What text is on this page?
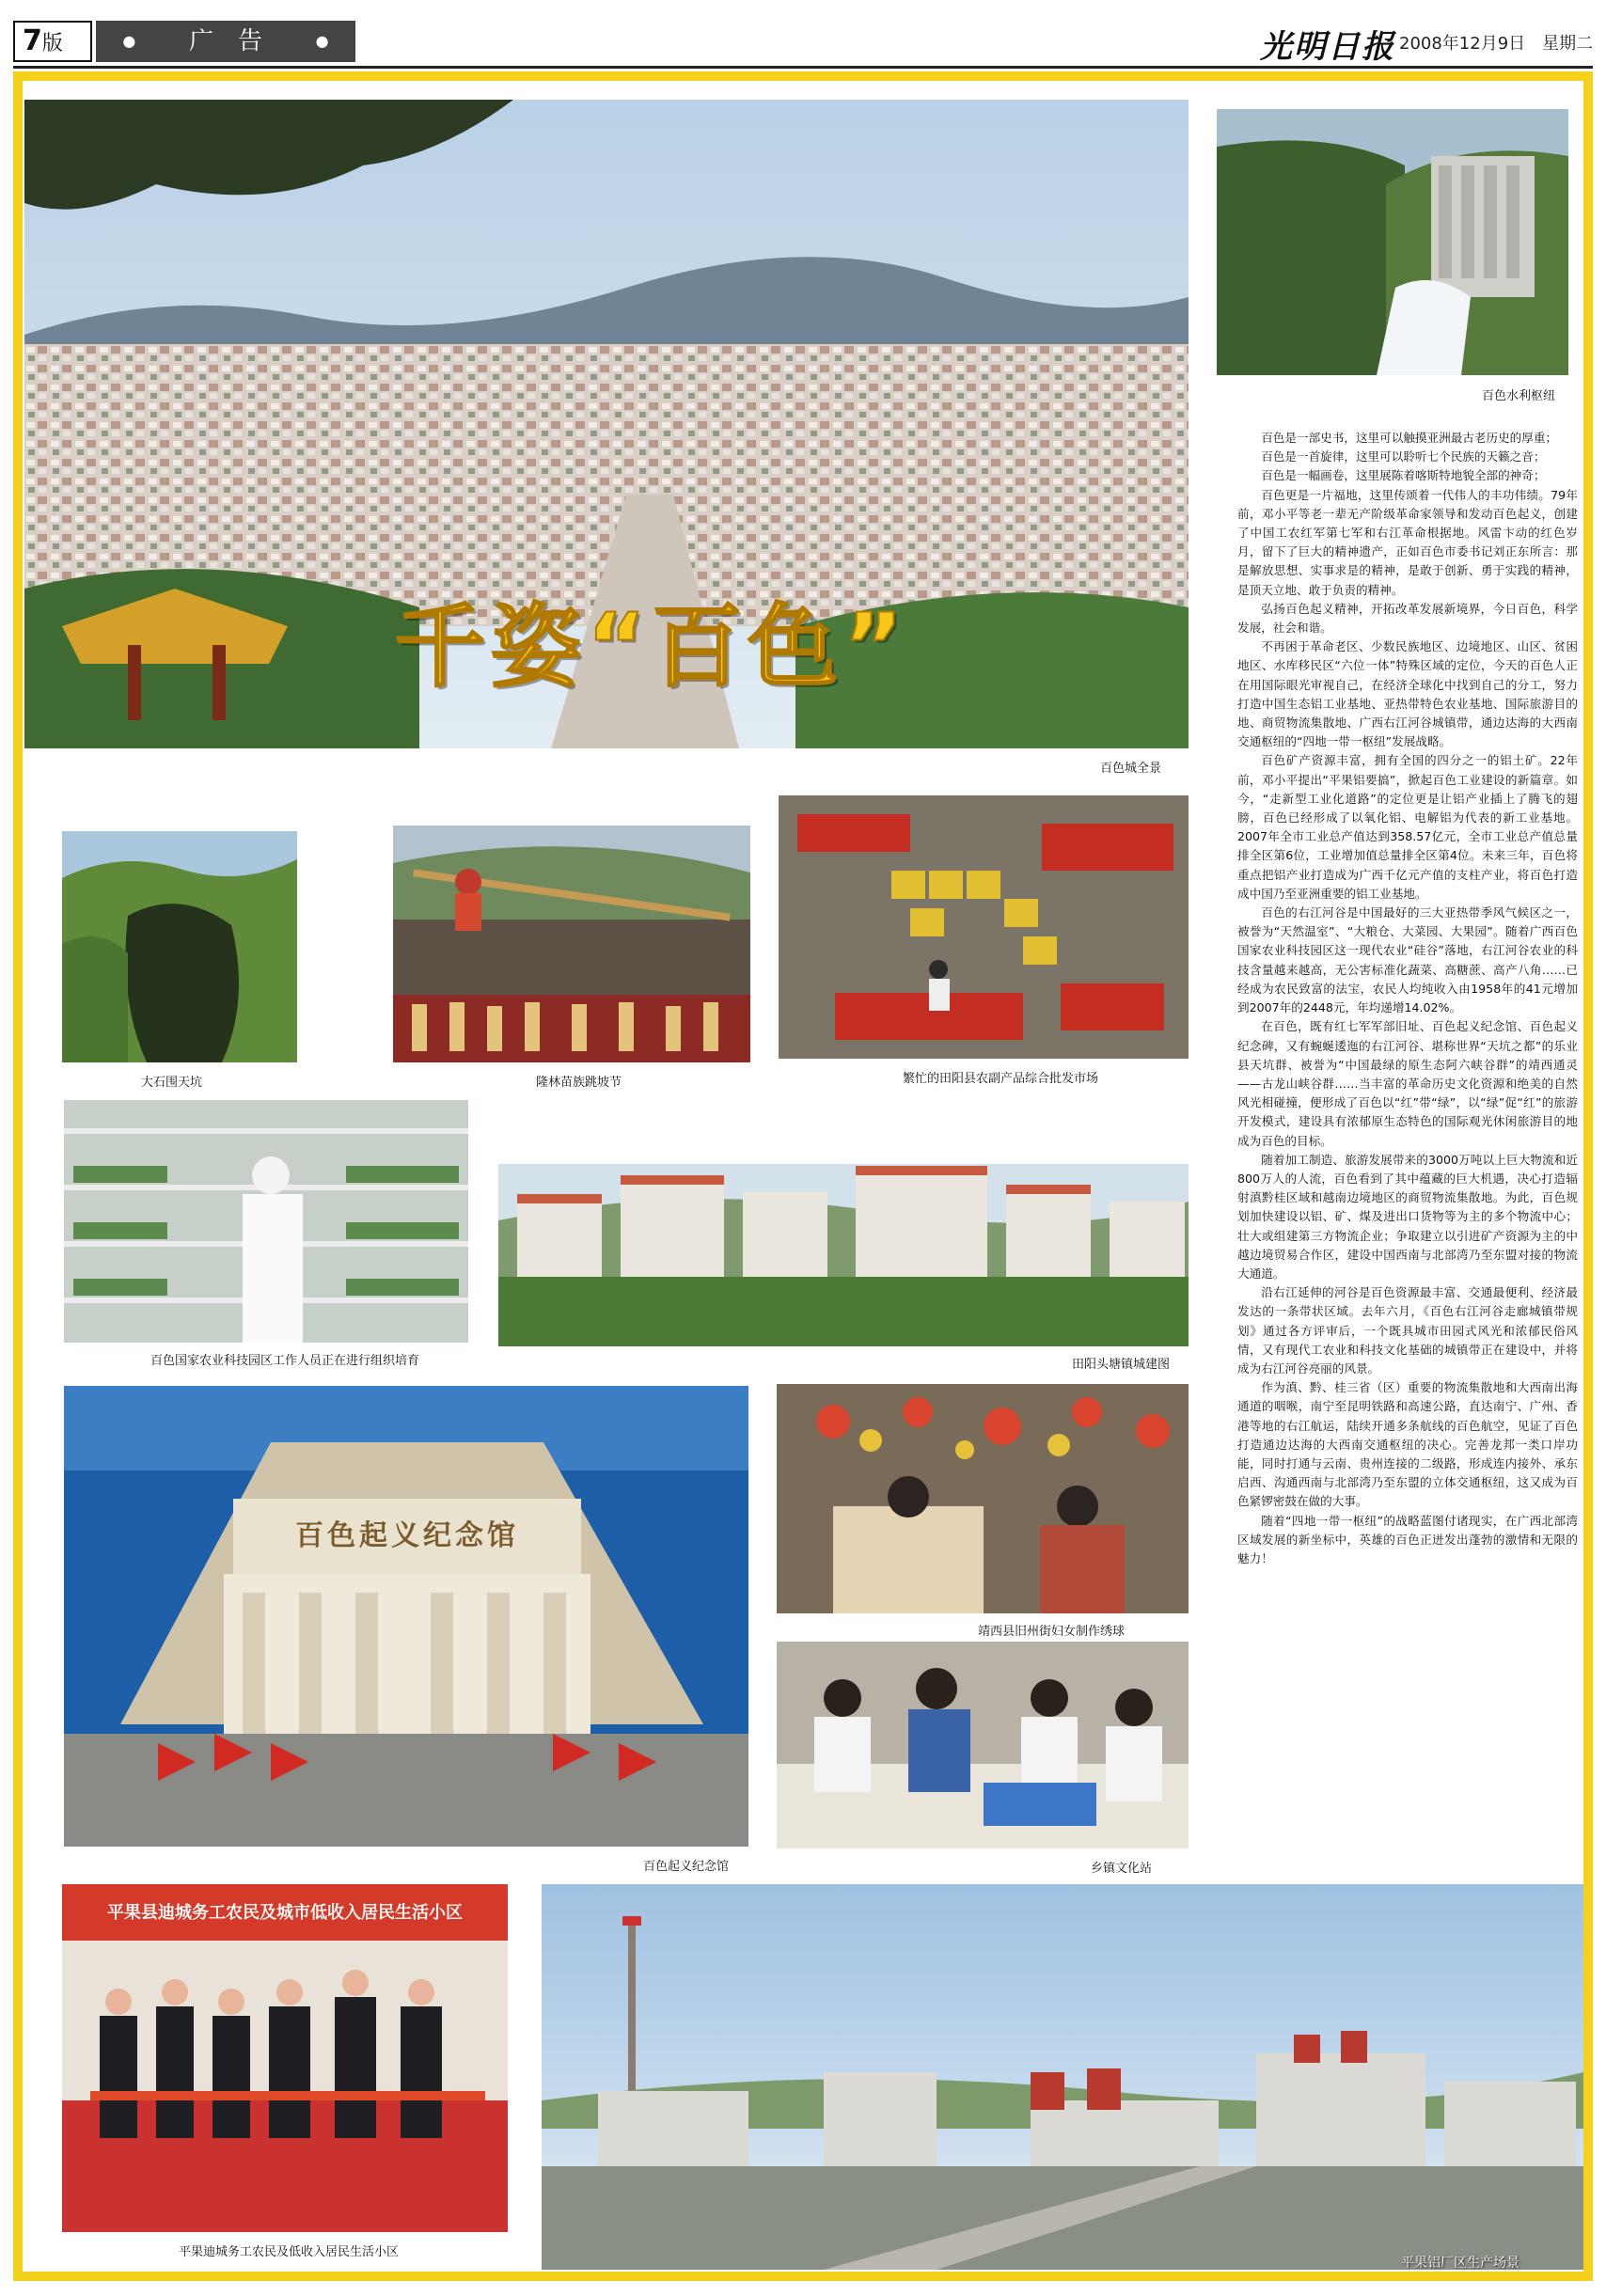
7版	● 广　告	●	光明日报 2008年12月9日　星期二
千姿“百色”
百色城全景
百色水利枢纽

百色是一部史书，这里可以触摸亚洲最古老历史的厚重；

百色是一首旋律，这里可以聆听七个民族的天籁之音；

百色是一幅画卷，这里展陈着喀斯特地貌全部的神奇；

百色更是一片福地，这里传颂着一代伟人的丰功伟绩。79年前，邓小平等老一辈无产阶级革命家领导和发动百色起义，创建了中国工农红军第七军和右江革命根据地。风雷卞动的红色岁月，留下了巨大的精神遗产，正如百色市委书记刘正东所言：那是解放思想、实事求是的精神，是敢于创新、勇于实践的精神，是顶天立地、敢于负责的精神。

弘扬百色起义精神，开拓改革发展新境界，今日百色，科学发展，社会和谐。

不再困于革命老区、少数民族地区、边境地区、山区、贫困地区、水库移民区“六位一体”特殊区域的定位，今天的百色人正在用国际眼光审视自己，在经济全球化中找到自己的分工，努力打造中国生态铝工业基地、亚热带特色农业基地、国际旅游目的地、商贸物流集散地、广西右江河谷城镇带，通边达海的大西南交通枢纽的“四地一带一枢纽”发展战略。

百色矿产资源丰富，拥有全国的四分之一的铝土矿。22年前，邓小平提出“平果铝要搞”，掀起百色工业建设的新篇章。如今，“走新型工业化道路”的定位更是让铝产业插上了腾飞的翅膀，百色已经形成了以氧化铝、电解铝为代表的新工业基地。2007年全市工业总产值达到358.57亿元，全市工业总产值总量排全区第6位，工业增加值总量排全区第4位。未来三年，百色将重点把铝产业打造成为广西千亿元产值的支柱产业，将百色打造成中国乃至亚洲重要的铝工业基地。

百色的右江河谷是中国最好的三大亚热带季风气候区之一，被誉为“天然温室”、“大粮仓、大菜园、大果园”。随着广西百色国家农业科技园区这一现代农业“硅谷”落地，右江河谷农业的科技含量越来越高，无公害标准化蔬菜、高糖蔗、高产八角……已经成为农民致富的法宝，农民人均纯收入由1958年的41元增加到2007年的2448元，年均递增14.02%。

在百色，既有红七军军部旧址、百色起义纪念馆、百色起义纪念碑，又有蜿蜒逶迤的右江河谷、堪称世界“天坑之都”的乐业县天坑群、被誉为“中国最绿的原生态阿六峡谷群”的靖西通灵——古龙山峡谷群……当丰富的革命历史文化资源和绝美的自然风光相碰撞，便形成了百色以“红”带“绿”，以“绿”促“红”的旅游开发模式，建设具有浓郁原生态特色的国际观光休闲旅游目的地成为百色的目标。

随着加工制造、旅游发展带来的3000万吨以上巨大物流和近800万人的人流，百色看到了其中蕴藏的巨大机遇，决心打造辐射滇黔桂区域和越南边境地区的商贸物流集散地。为此，百色规划加快建设以铝、矿、煤及进出口货物等为主的多个物流中心；壮大或组建第三方物流企业；争取建立以引进矿产资源为主的中越边境贸易合作区，建设中国西南与北部湾乃至东盟对接的物流大通道。

沿右江延伸的河谷是百色资源最丰富、交通最便利、经济最发达的一条带状区域。去年六月，《百色右江河谷走廊城镇带规划》通过各方评审后，一个既具城市田园式风光和浓郁民俗风情，又有现代工农业和科技文化基础的城镇带正在建设中，并将成为右江河谷亮丽的风景。

作为滇、黔、桂三省（区）重要的物流集散地和大西南出海通道的咽喉，南宁至昆明铁路和高速公路，直达南宁、广州、香港等地的右江航运，陆续开通多条航线的百色航空，见证了百色打造通边达海的大西南交通枢纽的决心。完善龙邦一类口岸功能，同时打通与云南、贵州连接的二级路，形成连内接外、承东启西、沟通西南与北部湾乃至东盟的立体交通枢纽，这又成为百色紧锣密鼓在做的大事。

随着“四地一带一枢纽”的战略蓝图付诸现实，在广西北部湾区域发展的新坐标中，英雄的百色正迸发出蓬勃的激情和无限的魅力！

大石围天坑	隆林苗族跳坡节	繁忙的田阳县农副产品综合批发市场
百色国家农业科技园区工作人员正在进行组织培育	田阳头塘镇城建图
百色起义纪念馆
百色起义纪念馆
靖西县旧州街妇女制作绣球
乡镇文化站
平果县迪城务工农民及城市低收入居民生活小区
平果迪城务工农民及低收入居民生活小区
平果铝厂区生产场景
